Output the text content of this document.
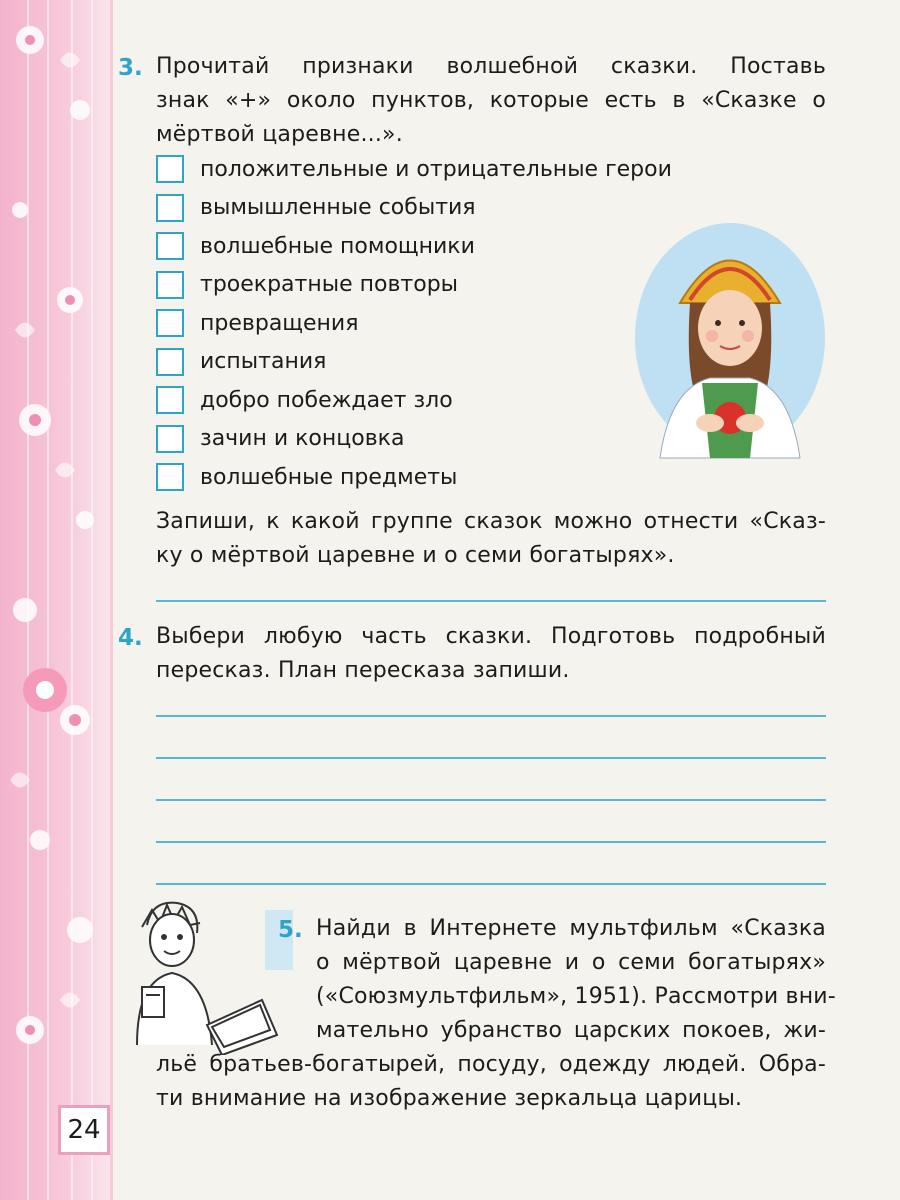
3. Прочитай признаки волшебной сказки. Поставь
знак «+» около пунктов, которые есть в «Сказке о
мёртвой царевне...».
положительные и отрицательные герои
вымышленные события
волшебные помощники
троекратные повторы
превращения
испытания
добро побеждает зло
зачин и концовка
волшебные предметы
Запиши, к какой группе сказок можно отнести «Сказ-
ку о мёртвой царевне и о семи богатырях».
4. Выбери любую часть сказки. Подготовь подробный
пересказ. План пересказа запиши.
5. Найди в Интернете мультфильм «Сказка
о мёртвой царевне и о семи богатырях»
(«Союзмультфильм», 1951). Рассмотри вни-
мательно убранство царских покоев, жи-
льё братьев-богатырей, посуду, одежду людей. Обра-
ти внимание на изображение зеркальца царицы.
24
